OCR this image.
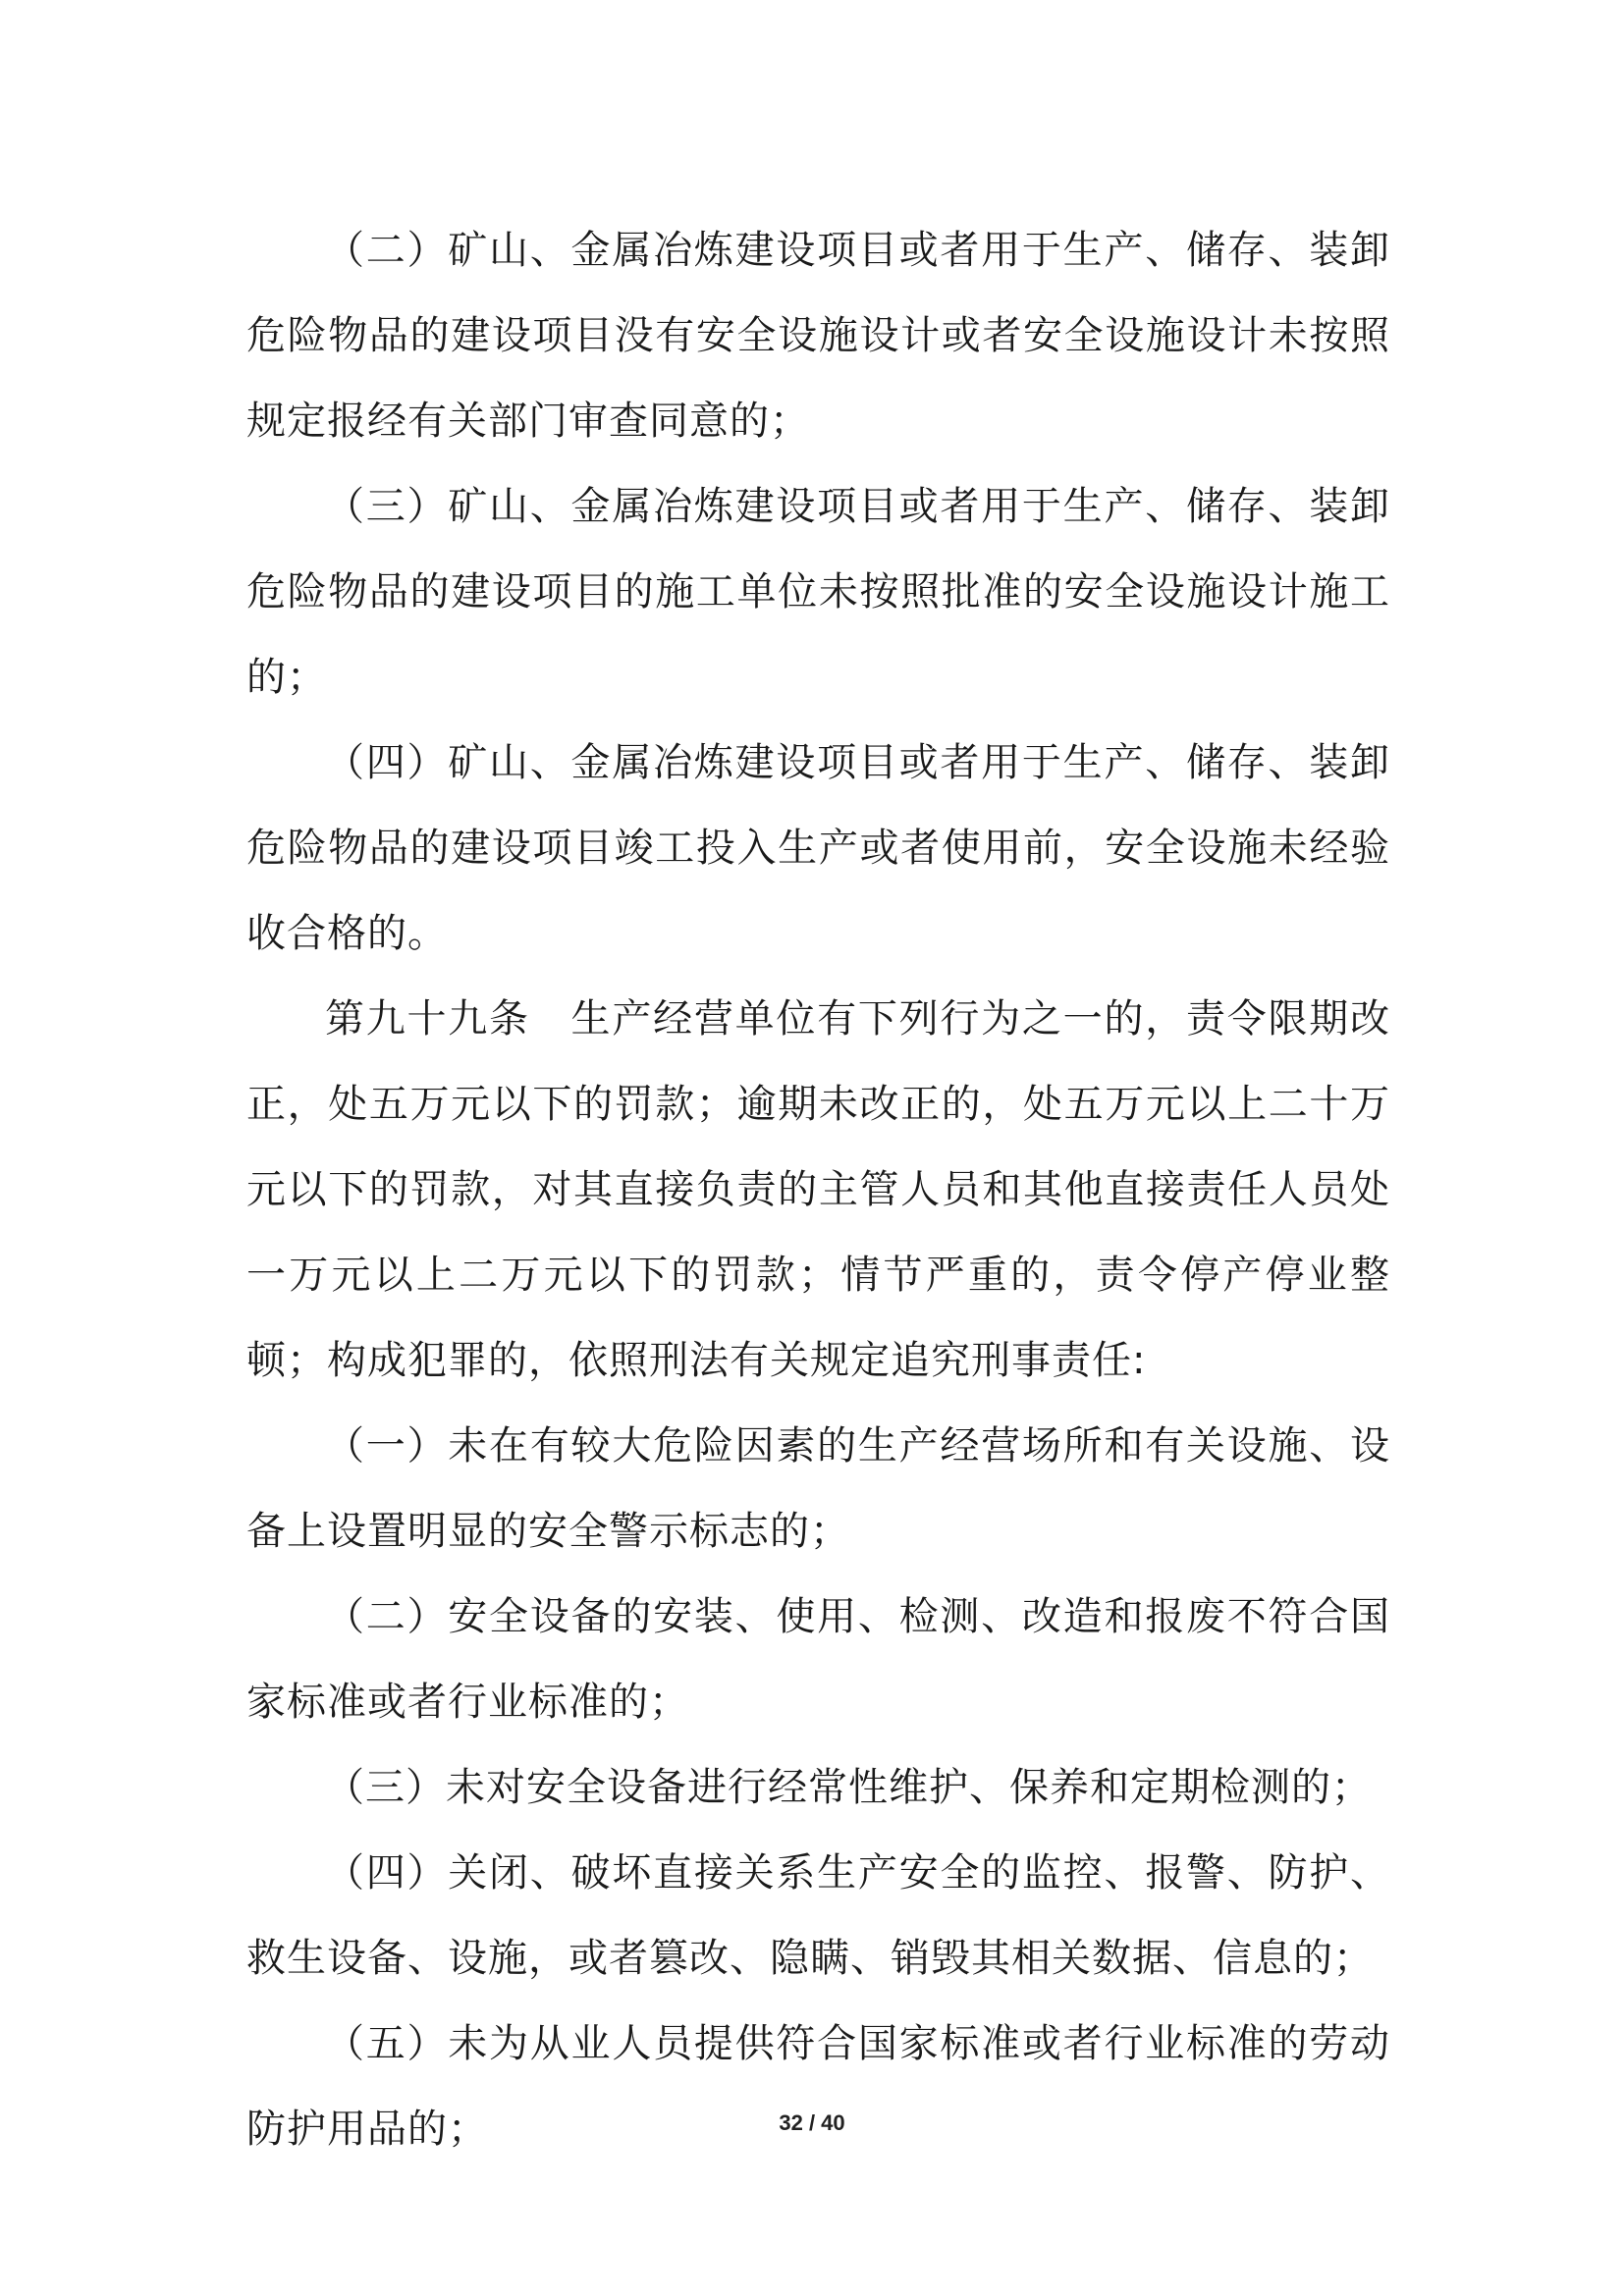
（二）矿山、金属冶炼建设项目或者用于生产、储存、装卸危险物品的建设项目没有安全设施设计或者安全设施设计未按照规定报经有关部门审查同意的；

（三）矿山、金属冶炼建设项目或者用于生产、储存、装卸危险物品的建设项目的施工单位未按照批准的安全设施设计施工的；

（四）矿山、金属冶炼建设项目或者用于生产、储存、装卸危险物品的建设项目竣工投入生产或者使用前，安全设施未经验收合格的。

第九十九条　生产经营单位有下列行为之一的，责令限期改正，处五万元以下的罚款；逾期未改正的，处五万元以上二十万元以下的罚款，对其直接负责的主管人员和其他直接责任人员处一万元以上二万元以下的罚款；情节严重的，责令停产停业整顿；构成犯罪的，依照刑法有关规定追究刑事责任:

（一）未在有较大危险因素的生产经营场所和有关设施、设备上设置明显的安全警示标志的；

（二）安全设备的安装、使用、检测、改造和报废不符合国家标准或者行业标准的；

（三）未对安全设备进行经常性维护、保养和定期检测的；

（四）关闭、破坏直接关系生产安全的监控、报警、防护、救生设备、设施，或者篡改、隐瞒、销毁其相关数据、信息的；

（五）未为从业人员提供符合国家标准或者行业标准的劳动防护用品的；	32 / 40
